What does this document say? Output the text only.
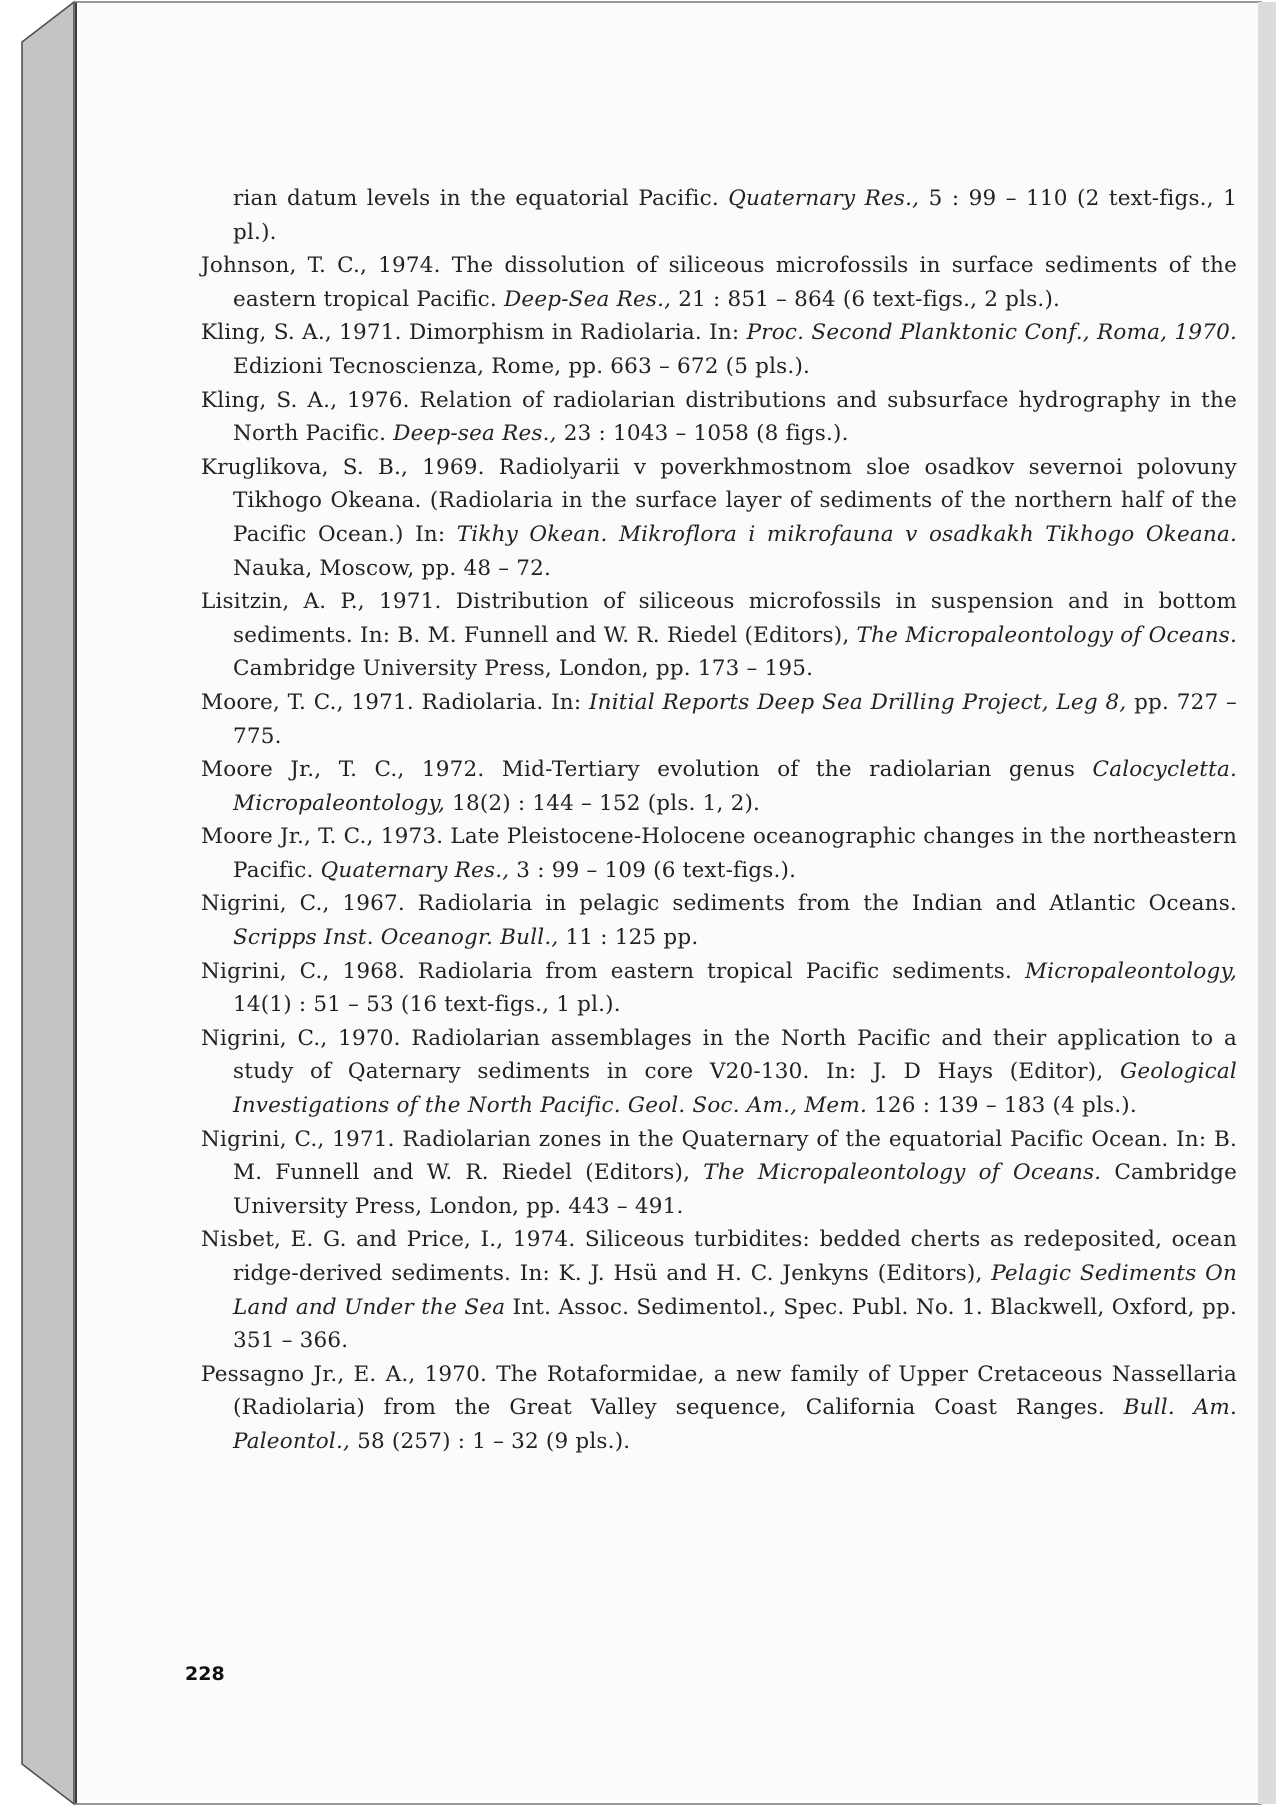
rian datum levels in the equatorial Pacific. Quaternary Res., 5 : 99 – 110 (2 text-figs., 1 pl.).

Johnson, T. C., 1974. The dissolution of siliceous microfossils in surface sediments of the eastern tropical Pacific. Deep-Sea Res., 21 : 851 – 864 (6 text-figs., 2 pls.).

Kling, S. A., 1971. Dimorphism in Radiolaria. In: Proc. Second Planktonic Conf., Roma, 1970. Edizioni Tecnoscienza, Rome, pp. 663 – 672 (5 pls.).

Kling, S. A., 1976. Relation of radiolarian distributions and subsurface hydrography in the North Pacific. Deep-sea Res., 23 : 1043 – 1058 (8 figs.).

Kruglikova, S. B., 1969. Radiolyarii v poverkhmostnom sloe osadkov severnoi polovuny Tikhogo Okeana. (Radiolaria in the surface layer of sediments of the northern half of the Pacific Ocean.) In: Tikhy Okean. Mikroflora i mikrofauna v osadkakh Tikhogo Okeana. Nauka, Moscow, pp. 48 – 72.

Lisitzin, A. P., 1971. Distribution of siliceous microfossils in suspension and in bottom sediments. In: B. M. Funnell and W. R. Riedel (Editors), The Micropaleontology of Oceans. Cambridge University Press, London, pp. 173 – 195.

Moore, T. C., 1971. Radiolaria. In: Initial Reports Deep Sea Drilling Project, Leg 8, pp. 727 – 775.

Moore Jr., T. C., 1972. Mid-Tertiary evolution of the radiolarian genus Calocycletta. Micropaleontology, 18(2) : 144 – 152 (pls. 1, 2).

Moore Jr., T. C., 1973. Late Pleistocene-Holocene oceanographic changes in the northeastern Pacific. Quaternary Res., 3 : 99 – 109 (6 text-figs.).

Nigrini, C., 1967. Radiolaria in pelagic sediments from the Indian and Atlantic Oceans. Scripps Inst. Oceanogr. Bull., 11 : 125 pp.

Nigrini, C., 1968. Radiolaria from eastern tropical Pacific sediments. Micropaleontology, 14(1) : 51 – 53 (16 text-figs., 1 pl.).

Nigrini, C., 1970. Radiolarian assemblages in the North Pacific and their application to a study of Qaternary sediments in core V20-130. In: J. D Hays (Editor), Geological Investigations of the North Pacific. Geol. Soc. Am., Mem. 126 : 139 – 183 (4 pls.).

Nigrini, C., 1971. Radiolarian zones in the Quaternary of the equatorial Pacific Ocean. In: B. M. Funnell and W. R. Riedel (Editors), The Micropaleontology of Oceans. Cambridge University Press, London, pp. 443 – 491.

Nisbet, E. G. and Price, I., 1974. Siliceous turbidites: bedded cherts as redeposited, ocean ridge-derived sediments. In: K. J. Hsü and H. C. Jenkyns (Editors), Pelagic Sediments On Land and Under the Sea Int. Assoc. Sedimentol., Spec. Publ. No. 1. Blackwell, Oxford, pp. 351 – 366.

Pessagno Jr., E. A., 1970. The Rotaformidae, a new family of Upper Cretaceous Nassellaria (Radiolaria) from the Great Valley sequence, California Coast Ranges. Bull. Am. Paleontol., 58 (257) : 1 – 32 (9 pls.).

228
